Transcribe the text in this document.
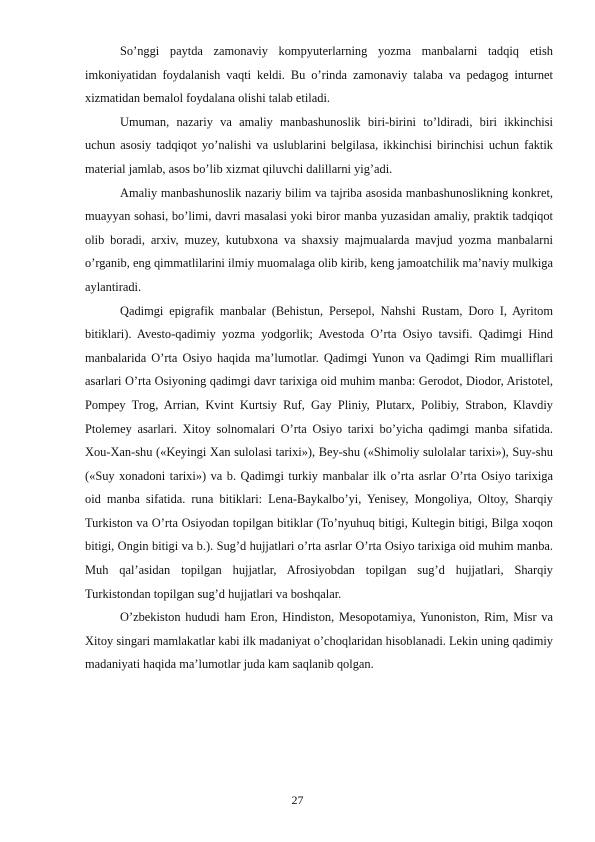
So’nggi paytda zamonaviy kompyuterlarning yozma manbalarni tadqiq etish imkoniyatidan foydalanish vaqti keldi. Bu o’rinda zamonaviy talaba va pedagog inturnet xizmatidan bemalol foydalana olishi talab etiladi.

Umuman, nazariy va amaliy manbashunoslik biri-birini to’ldiradi, biri ikkinchisi uchun asosiy tadqiqot yo’nalishi va uslublarini belgilasa, ikkinchisi birinchisi uchun faktik material jamlab, asos bo’lib xizmat qiluvchi dalillarni yig’adi.

Amaliy manbashunoslik nazariy bilim va tajriba asosida manbashunoslikning konkret, muayyan sohasi, bo’limi, davri masalasi yoki biror manba yuzasidan amaliy, praktik tadqiqot olib boradi, arxiv, muzey, kutubxona va shaxsiy majmualarda mavjud yozma manbalarni o’rganib, eng qimmatlilarini ilmiy muomalaga olib kirib, keng jamoatchilik ma’naviy mulkiga aylantiradi.

Qadimgi epigrafik manbalar (Behistun, Persepol, Nahshi Rustam, Doro I, Ayritom bitiklari). Avesto-qadimiy yozma yodgorlik; Avestoda O’rta Osiyo tavsifi. Qadimgi Hind manbalarida O’rta Osiyo haqida ma’lumotlar. Qadimgi Yunon va Qadimgi Rim mualliflari asarlari O’rta Osiyoning qadimgi davr tarixiga oid muhim manba: Gerodot, Diodor, Aristotel, Pompey Trog, Arrian, Kvint Kurtsiy Ruf, Gay Pliniy, Plutarx, Polibiy, Strabon, Klavdiy Ptolemey asarlari. Xitoy solnomalari O’rta Osiyo tarixi bo’yicha qadimgi manba sifatida. Xou-Xan-shu («Keyingi Xan sulolasi tarixi»), Bey-shu («Shimoliy sulolalar tarixi»), Suy-shu («Suy xonadoni tarixi») va b. Qadimgi turkiy manbalar ilk o’rta asrlar O’rta Osiyo tarixiga oid manba sifatida. runa bitiklari: Lena-Baykalbo’yi, Yenisey, Mongoliya, Oltoy, Sharqiy Turkiston va O’rta Osiyodan topilgan bitiklar (To’nyuhuq bitigi, Kultegin bitigi, Bilga xoqon bitigi, Ongin bitigi va b.). Sug’d hujjatlari o’rta asrlar O’rta Osiyo tarixiga oid muhim manba. Muh qal’asidan topilgan hujjatlar, Afrosiyobdan topilgan sug’d hujjatlari, Sharqiy Turkistondan topilgan sug’d hujjatlari va boshqalar.

O’zbekiston hududi ham Eron, Hindiston, Mesopotamiya, Yunoniston, Rim, Misr va Xitoy singari mamlakatlar kabi ilk madaniyat o’choqlaridan hisoblanadi. Lekin uning qadimiy madaniyati haqida ma’lumotlar juda kam saqlanib qolgan.

27
